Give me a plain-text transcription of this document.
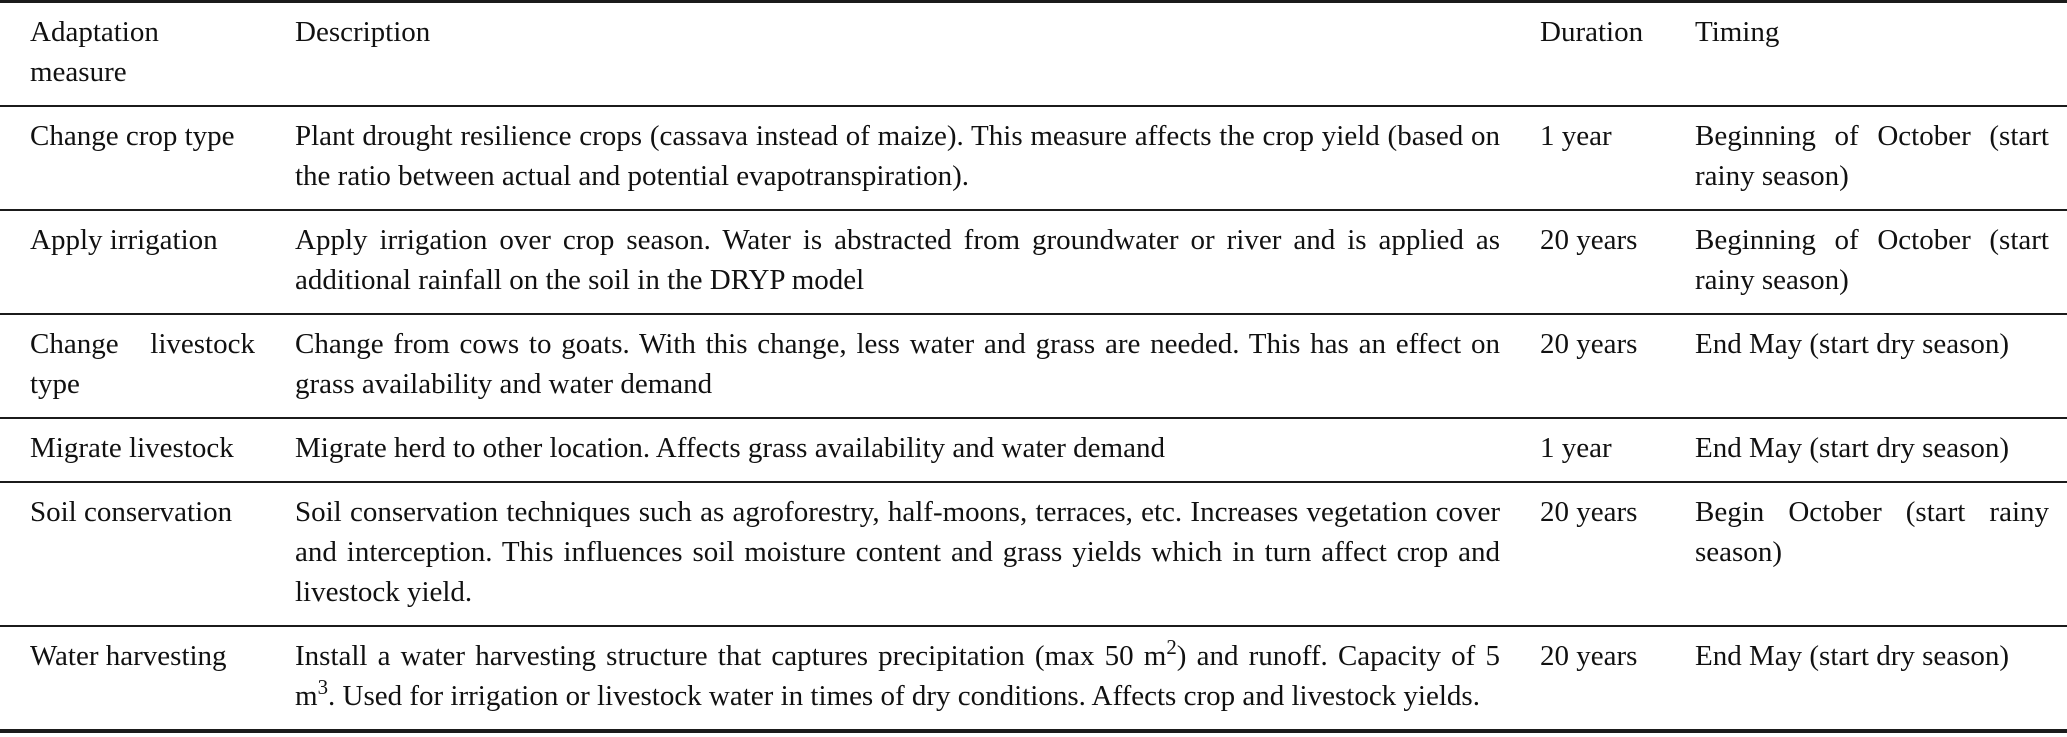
Adaptation measure	Description	Duration	Timing
Change crop type	Plant drought resilience crops (cassava instead of maize). This measure affects the crop yield (based on the ratio between actual and potential evapotranspiration).	1 year	Beginning of October (start rainy season)
Apply irrigation	Apply irrigation over crop season. Water is abstracted from groundwater or river and is applied as additional rainfall on the soil in the DRYP model	20 years	Beginning of October (start rainy season)
Change livestock type	Change from cows to goats. With this change, less water and grass are needed. This has an effect on grass availability and water demand	20 years	End May (start dry season)
Migrate livestock	Migrate herd to other location. Affects grass availability and water demand	1 year	End May (start dry season)
Soil conservation	Soil conservation techniques such as agroforestry, half-moons, terraces, etc. Increases vegetation cover and interception. This influences soil moisture content and grass yields which in turn affect crop and livestock yield.	20 years	Begin October (start rainy season)
Water harvesting	Install a water harvesting structure that captures precipitation (max 50 $m^2$) and runoff. Capacity of 5 $m^3$. Used for irrigation or livestock water in times of dry conditions. Affects crop and livestock yields.	20 years	End May (start dry season)
